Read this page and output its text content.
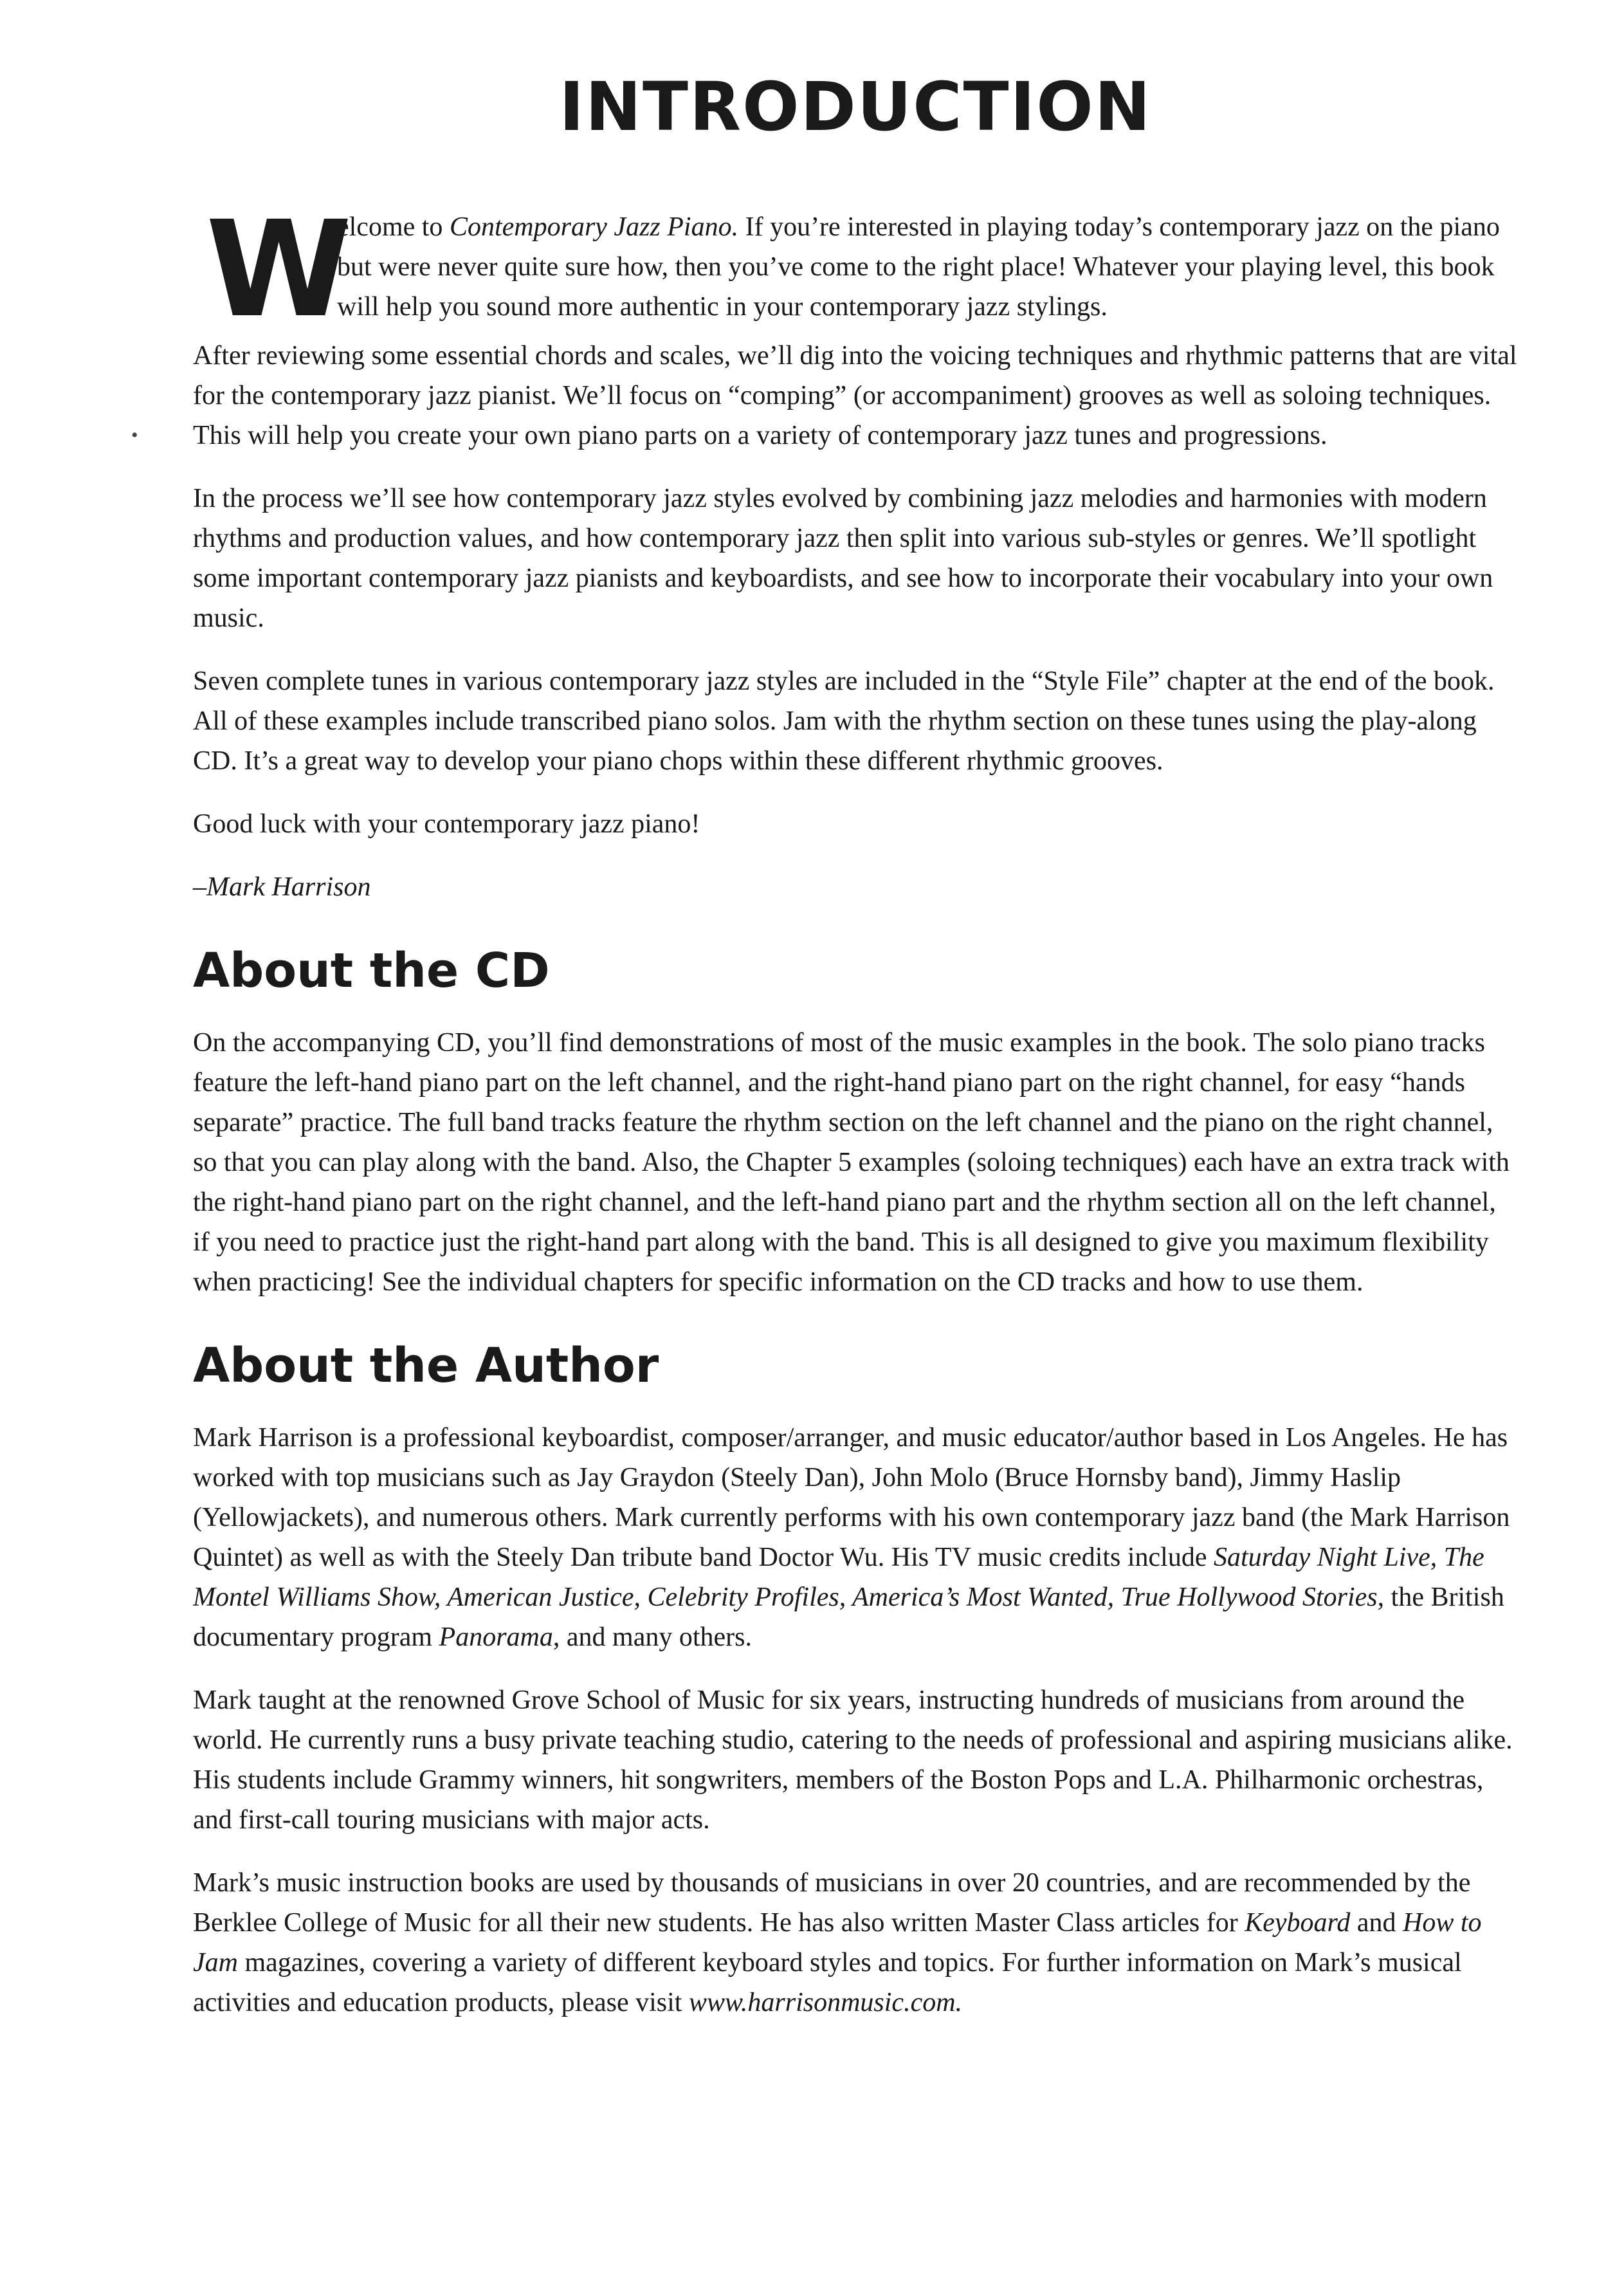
INTRODUCTION
W

elcome to Contemporary Jazz Piano. If you’re interested in playing today’s contemporary jazz on the piano but were never quite sure how, then you’ve come to the right place! Whatever your playing level, this book will help you sound more authentic in your contemporary jazz stylings.

After reviewing some essential chords and scales, we’ll dig into the voicing techniques and rhythmic patterns that are vital for the contemporary jazz pianist. We’ll focus on “comping” (or accompaniment) grooves as well as soloing techniques. This will help you create your own piano parts on a variety of contemporary jazz tunes and progressions.

In the process we’ll see how contemporary jazz styles evolved by combining jazz melodies and harmonies with modern rhythms and production values, and how contemporary jazz then split into various sub-styles or genres. We’ll spotlight some important contemporary jazz pianists and keyboardists, and see how to incorporate their vocabulary into your own music.

Seven complete tunes in various contemporary jazz styles are included in the “Style File” chapter at the end of the book. All of these examples include transcribed piano solos. Jam with the rhythm section on these tunes using the play-along CD. It’s a great way to develop your piano chops within these different rhythmic grooves.

Good luck with your contemporary jazz piano!

–Mark Harrison

About the CD

On the accompanying CD, you’ll find demonstrations of most of the music examples in the book. The solo piano tracks feature the left-hand piano part on the left channel, and the right-hand piano part on the right channel, for easy “hands separate” practice. The full band tracks feature the rhythm section on the left channel and the piano on the right channel, so that you can play along with the band. Also, the Chapter 5 examples (soloing techniques) each have an extra track with the right-hand piano part on the right channel, and the left-hand piano part and the rhythm section all on the left channel, if you need to practice just the right-hand part along with the band. This is all designed to give you maximum flexibility when practicing! See the individual chapters for specific information on the CD tracks and how to use them.

About the Author

Mark Harrison is a professional keyboardist, composer/arranger, and music educator/author based in Los Angeles. He has worked with top musicians such as Jay Graydon (Steely Dan), John Molo (Bruce Hornsby band), Jimmy Haslip (Yellowjackets), and numerous others. Mark currently performs with his own contemporary jazz band (the Mark Harrison Quintet) as well as with the Steely Dan tribute band Doctor Wu. His TV music credits include Saturday Night Live, The Montel Williams Show, American Justice, Celebrity Profiles, America’s Most Wanted, True Hollywood Stories, the British documentary program Panorama, and many others.

Mark taught at the renowned Grove School of Music for six years, instructing hundreds of musicians from around the world. He currently runs a busy private teaching studio, catering to the needs of professional and aspiring musicians alike. His students include Grammy winners, hit songwriters, members of the Boston Pops and L.A. Philharmonic orchestras, and first-call touring musicians with major acts.

Mark’s music instruction books are used by thousands of musicians in over 20 countries, and are recommended by the Berklee College of Music for all their new students. He has also written Master Class articles for Keyboard and How to Jam magazines, covering a variety of different keyboard styles and topics. For further information on Mark’s musical activities and education products, please visit www.harrisonmusic.com.

•
